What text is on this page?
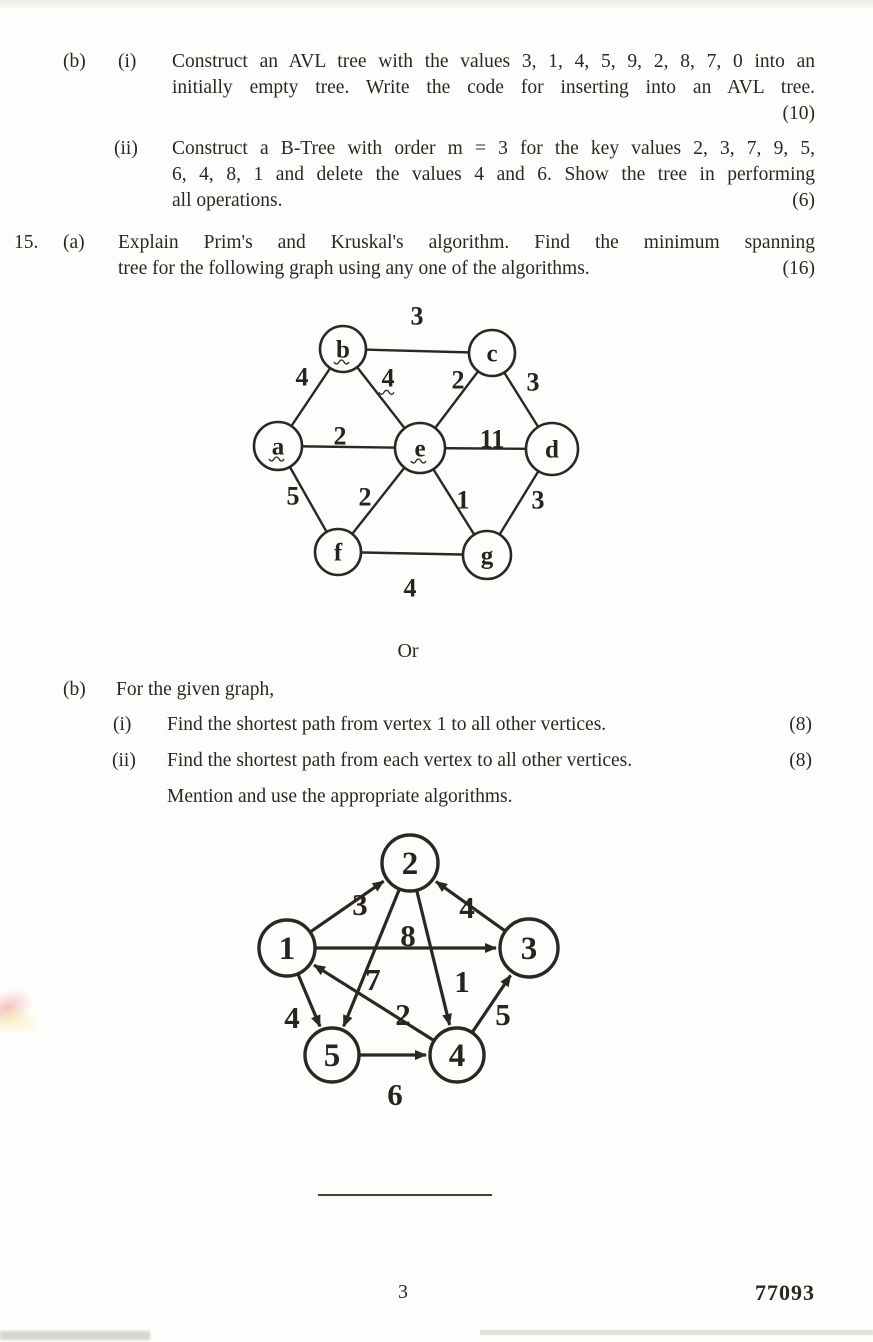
(b) (i) Construct an AVL tree with the values 3, 1, 4, 5, 9, 2, 8, 7, 0 into an
initially empty tree. Write the code for inserting into an AVL tree.
(10)
(ii) Construct a B-Tree with order m = 3 for the key values 2, 3, 7, 9, 5,
6, 4, 8, 1 and delete the values 4 and 6. Show the tree in performing
all operations.	(6)
15. (a) Explain Prim's and Kruskal's algorithm. Find the minimum spanning
tree for the following graph using any one of the algorithms.	(16)
a
b	c
d
e
f	g
3
4	4 2 3
2	11
5 2	1 3
4
Or
(b) For the given graph,
(i) Find the shortest path from vertex 1 to all other vertices.	(8)
(ii) Find the shortest path from each vertex to all other vertices.	(8)
Mention and use the appropriate algorithms.
1
2
3
4
5
3	4
8
7 1
2
4
6
5
3	77093
